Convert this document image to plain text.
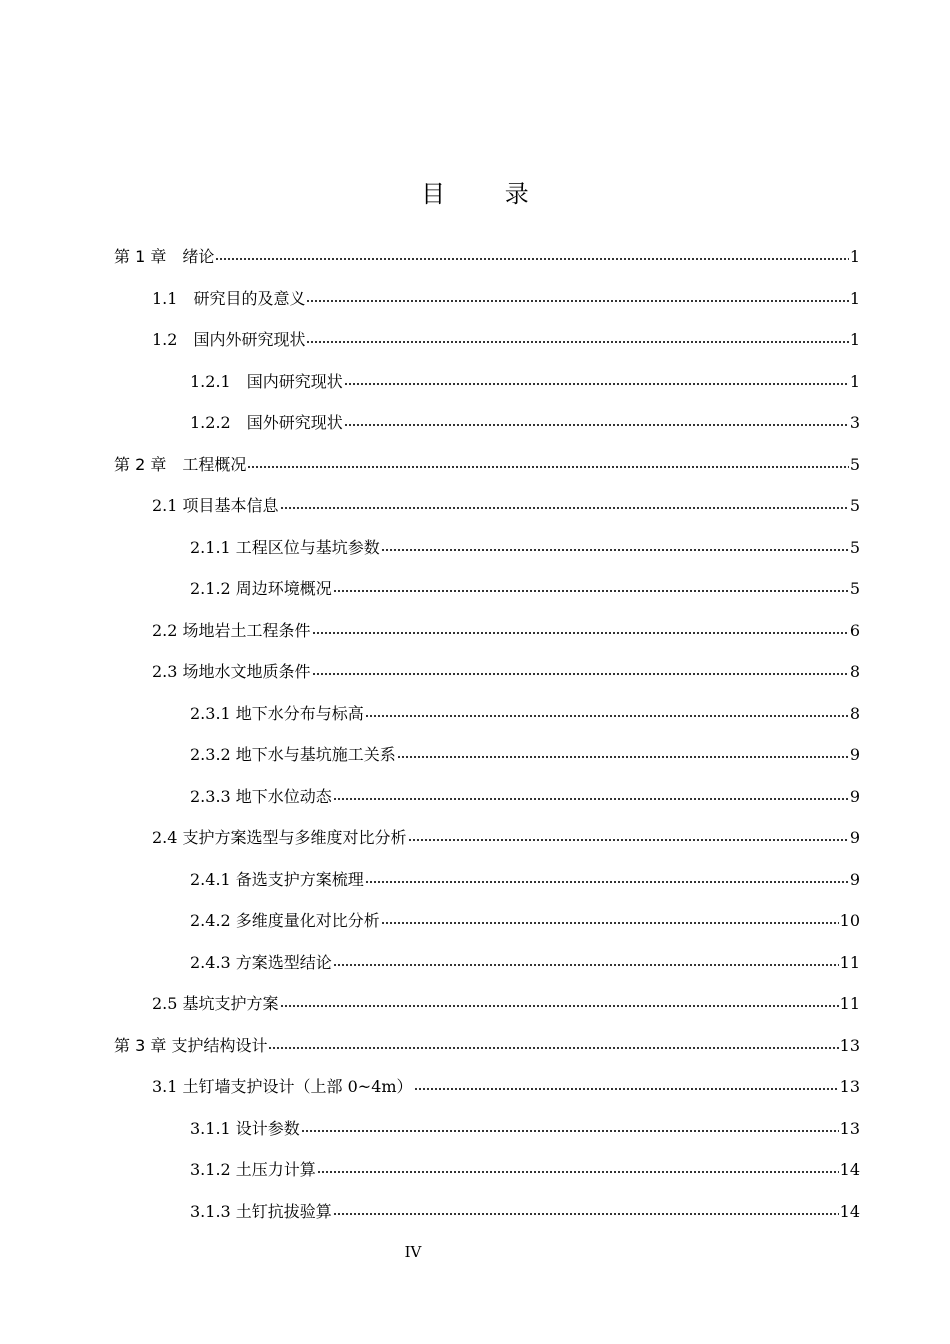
目 录
第 1 章　绪论	1
1.1　研究目的及意义	1
1.2　国内外研究现状	1
1.2.1　国内研究现状	1
1.2.2　国外研究现状	3
第 2 章　工程概况	5
2.1 项目基本信息	5
2.1.1 工程区位与基坑参数	5
2.1.2 周边环境概况	5
2.2 场地岩土工程条件	6
2.3 场地水文地质条件	8
2.3.1 地下水分布与标高	8
2.3.2 地下水与基坑施工关系	9
2.3.3 地下水位动态	9
2.4 支护方案选型与多维度对比分析	9
2.4.1 备选支护方案梳理	9
2.4.2 多维度量化对比分析	10
2.4.3 方案选型结论	11
2.5 基坑支护方案	11
第 3 章 支护结构设计	13
3.1 土钉墙支护设计（上部 0~4m）	13
3.1.1 设计参数	13
3.1.2 土压力计算	14
3.1.3 土钉抗拔验算	14
IV
